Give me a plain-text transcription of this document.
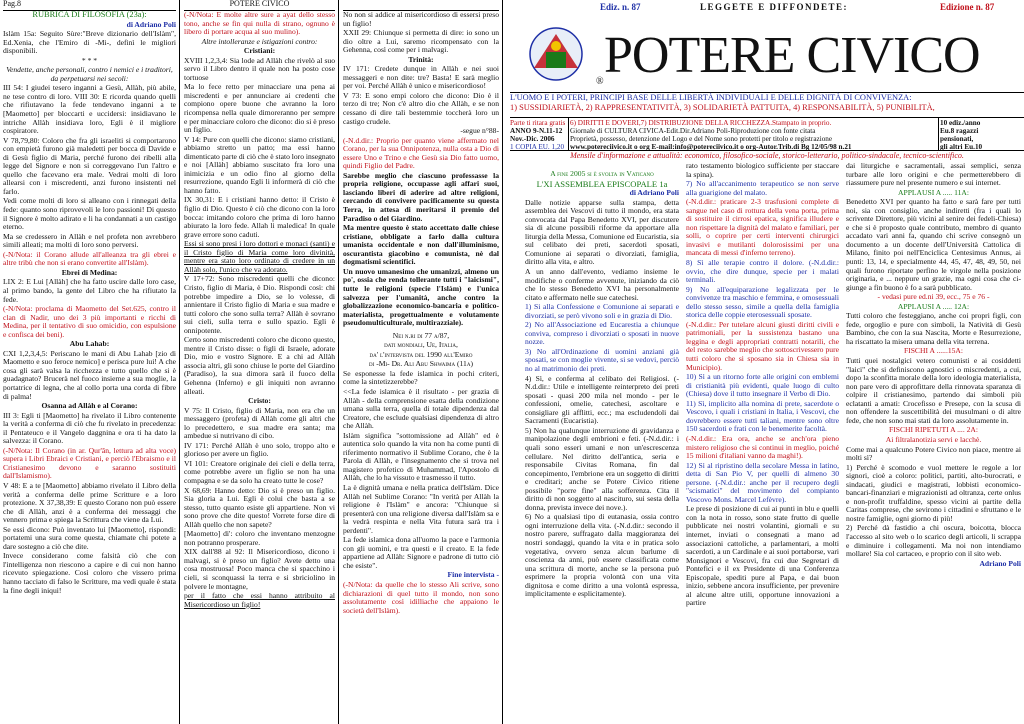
Pag.8

RUBRICA DI FILOSOFIA (23a):

di Adriano Poli

Islàm 15a: Seguito Sùre:"Breve dizionario dell'Islàm", Ed.Xenia, che l'Emiro di -Mi-, definì le migliori disponibili.

* * *

Vendette, anche personali, contro i nemici e i traditori, da perpetuarsi nei secoli:

III 54: I giudei tesero inganni a Gesù, Allàh, più abile, ne tese contro di loro. VIII 30: E ricorda quando quelli che rifiutavano la fede tendevano inganni a te [Maometto] per bloccarti e uccidersi: insidiavano le intriche Allàh insidiava loro, Egli è il migliore cospiratore.

V 78,79,80: Coloro che fra gli israeliti si comportarono con empietà furono già maledetti per bocca di Davide e di Gesù figlio di Maria, perché furono dei ribelli alla legge del Signore e non si correggevano l'un l'altro e quello che facevano era male. Vedrai molti di loro allearsi con i miscredenti, anzi furono insistenti nel farlo.

Vedi come molti di loro si alleano con i rinnegati della fede: quanto sono riprovevoli le loro passioni! Di questo il Signore è molto adirato e li ha condannati a un castigo eterno.

Ma se credessero in Allàh e nel profeta non avrebbero simili alleati; ma molti di loro sono perversi.

(-N/Nota: il Corano allude all'alleanza tra gli ebrei e altre tribù che non si erano convertite all'Islàm).

Ebrei di Medina:

LIX 2: E Lui [Allàh] che ha fatto uscire dalle loro case, al primo bando, la gente del Libro che ha rifiutato la fede.

(-N/Nota: proclama di Maometto del Set.625, contro il clan di Nadir, uno dei 3 più importanti e ricchi di Medina, per il tentativo di suo omicidio, con espulsione e confisca dei beni).

Abu Lahab:

CXI 1,2,3,4,5: Periscano le mani di Abu Lahab [zio di Maometto e suo feroce nemico] e perisca pure lui! A che cosa gli sarà valsa la ricchezza e tutto quello che si è guadagnato? Brucerà nel fuoco insieme a sua moglie, la portatrice di legna, che al collo porta una corda di fibre di palma!

Osanna ad Allàh e al Corano:

III 3: Egli ti [Maometto] ha rivelato il Libro contenente la verità a conferma di ciò che fu rivelato in precedenza: il Pentateuco e il Vangelo daggnina e ora ti ha dato la salvezza: il Corano.

(-N/Nota: Il Corano (in ar. Qur'ân, lettura ad alta voce) supera i Libri Ebraici e Cristiani, e perciò l'Ebraismo e il Cristianesimo devono e saranno sostituiti dall'Islamismo).

V 48: E a te [Maometto] abbiamo rivelato il Libro della verità a conferma delle prime Scritture e a loro protezione. X 37,38,39: E questo Corano non può essere che di Allàh, anzi è a conferma dei messaggi che vennero prima e spiega la Scrittura che viene da Lui.

Se essi dicono: Può inventato lui [Maometto], rispondi: portatemi una sura come questa, chiamate chi potete a dare sostegno a ciò che dite.

Invece considerano come falsità ciò che con l'intelligenza non riescono a capire e di cui non hanno ricevuto spiegazione. Così coloro che vissero prima hanno tacciato di falso le Scritture, ma vedi quale è stata la fine degli iniqui!

POTERE CIVICO

(-N/Nota: E molte altre sure a ayat dello stesso tono, anche se fin qui nulla di strano, ognuno è libero di portare acqua al suo mulino).

Altre intolleranze e istigazioni contro:

Cristiani:

XVIII 1,2,3,4: Sia lode ad Allàh che rivelò al suo servo il Libro dentro il quale non ha posto cose tortuose

Ma lo fece retto per minacciare una pena ai miscredenti e per annunciare ai credenti che compiono opere buone che avranno la loro ricompensa nella quale dimoreranno per sempre e per minacciare coloro che dicono: dio si è preso un figlio.

V 14: Pure con quelli che dicono: siamo cristiani, abbiamo stretto un patto; ma essi hanno dimenticato parte di ciò che è stato loro insegnato e noi [Allàh] abbiamo suscitato fra loro una inimicizia e un odio fino al giorno della resurrezione, quando Egli li informerà di ciò che hanno fatto.

IX 30,31: E i cristiani hanno detto: il Cristo è figlio di Dio. Questo è ciò che dicono con la loro bocca: imitando coloro che prima di loro hanno abiurato la loro fede. Allah li maledica! In quale grave errore sono caduti.

Essi si sono presi i loro dottori e monaci (santi) e il Cristo figlio di Maria come loro divinità, mentre era stato loro ordinato di credere in un Allàh solo, l'unico che va adorato.

V 17+72: Sono miscredenti quelli che dicono: Cristo, figlio di Maria, è Dio. Rispondi così: chi potrebbe impedire a Dio, se lo volesse, di annientare il Cristo figlio di Maria e sua madre e tutti coloro che sono sulla terra? Allàh è sovrano sui cieli, sulla terra e sullo spazio. Egli è onnipotente.

Certo sono miscredenti coloro che dicono questo, mentre il Cristo disse: o figli di Israele, adorate Dio, mio e vostro Signore. E a chi ad Allàh associa altri, gli sono chiuse le porte del Giardino (Paradiso), la sua dimora sarà il fuoco della Gehenna (Inferno) e gli iniquiti non avranno alleati.

Cristo:

V 75: Il Cristo, figlio di Maria, non era che un messaggero (profeta) di Allàh come gli altri che lo precedettero, e sua madre era santa; ma ambedue si nutrivano di cibo.

IV 171: Perché Allàh è uno solo, troppo alto e glorioso per avere un figlio.

VI 101: Creatore originale dei cieli e della terra, come potrebbe avere un figlio se non ha una compagna e se da solo ha creato tutte le cose?

X 68,69: Hanno detto: Dio si è preso un figlio. Sia gloria a Lui. Egli è colui che basta a se stesso, tutto quanto esiste gli appartiene. Non vi sono prove che dite questo! Vorrete forse dire di Allàh quello che non sapete?

[Maometto] di': coloro che inventano menzogne non potranno prosperare.

XIX dall'88 al 92: Il Misericordioso, dicono i malvagi, si è preso un figlio? Avete detto una cosa mostruosa! Poco manca che si spacchino i cieli, si sconquassi la terra e si sbriciolino in polvere le montagne,

per il fatto che essi hanno attribuito al Misericordioso un figlio!

No non si addice al misericordioso di essersi preso un figlio!

XXII 29: Chiunque si permetta di dire: io sono un dio oltre a Lui, saremo ricompensato con la Gehenna, così come per i malvagi.

Trinità:

IV 171: Credete dunque in Allàh e nei suoi messaggeri e non dite: tre? Basta! E sarà meglio per voi. Perché Allàh è unico e misericordioso!

V 73: E sono empi coloro che dicono: Dio è il terzo di tre; Non c'è altro dio che Allàh, e se non cessano di dire tali bestemmie toccherà loro un castigo crudele.

-segue n°88-

(-N.d.dir.: Proprio per quanto viene affermato nel Corano, per la sua Onnipotenza, nulla osta a Dio di essere Uno e Trino e che Gesù sia Dio fatto uomo, quindi Figlio del Padre.

Sarebbe meglio che ciascuno professasse la propria religione, occupasse agli affari suoi, lasciando liberi di aderire ad altre religioni, cercando di convivere pacificamente su questa Terra, in attesa di meritarsi il premio del Paradiso o del Giardino.

Ma mentre questo è stato accettato dalle chiese cristiane, obbligate a farlo dalla cultura umanista occidentale e non dall'illuminismo, oscurantista giacobino e comunista, nè dal dogmatismi scientifici.

Un nuovo umanesimo che umanizzi, almeno un po', ossia che renda tollerante tutti i "laicismi", tutte le religioni (specie l'Islàm) e l'unica salvezza per l'umanità, anche contro la globalizzazione economico-bancaria e politico-materialista, progettualmente e volutamente pseudomulticulturale, multirazziale).

Nei n.ri di 77 a/87,

dati mondiali, Ue, Italia,

da' l'intervista del 1990 all'Emiro

di -Mi- Dr. Ali Abu Shwaima (11a)

Se esponesse la fede islamica in pochi criteri, come la sintetizzerebbe?

<<La fede islamica è il risultato - per grazia di Allàh - della comprensione esatta della condizione umana sulla terra, quella di totale dipendenza dal Creatore, che esclude qualsiasi dipendenza di altro che Allàh.

Islàm significa "sottomissione ad Allàh" ed è autentica solo quando la vita non ha come punti di riferimento normativo il Sublime Corano, che è la Parola di Allàh, e l'insegnamento che si trova nel magistero profetico di Muhammad, l'Apostolo di Allàh, che lo ha vissuto e trasmesso il tutto.

La è dignità umana e nella pratica dell'Islàm. Dice Allàh nel Sublime Corano: "In verità per Allàh la religione è l'Islàm" e ancora: "Chiunque si presenterà con una religione diversa dall'Islàm sa e la vedrà respinta e nella Vita futura sarà tra i perdenti".

La fede islamica dona all'uomo la pace e l'armonia con gli uomini, e tra questi e il creato. E la fede appartiene ad Allàh: Signore e padrone di tutto ciò che esiste".

Fine intervista -

(-N/Nota: da quelle che lo stesso Ali scrive, sono dichiarazioni di quel tutto il mondo, non sono assolutamente così idilliache che appaiono le società dell'Islàm).

Ediz. n. 87	LEGGETE E DIFFONDETE:	Edizione n. 87
® POTERE CIVICO
L'UOMO E I POTERI, PRINCIPI BASE DELLE LIBERTÀ INDIVIDUALI E DELLE DIGNITÀ DI CONVIVENZA:
1) SUSSIDIARIETÀ, 2) RAPPRESENTATIVITÀ, 3) SOLIDARIETÀ PATTUITA, 4) RESPONSABILITÀ, 5) PUNIBILITÀ,
Parte ti ritara gratis
ANNO 9-N.11-12
Nov.-Dic. 2006
1 COPIA EU. 1,20
6) DIRITTI E DOVERI,7) DISTRIBUZIONE DELLA RICCHEZZA.Stampato in proprio.
Giornale di CULTURA CIVICA-Edit.Dir.Adriano Poli-Riproduzione con fonte citata
Proprietà, possesso, detenzione del Logo e del Nome sono protetti per titolo e registrazione
www.potereciivico.it o org E-mail:info@potereciivico.it o org-Autor.Trib.di Bg 12/05/98 n.21
10 ediz./anno
Eu.8 ragazzi
pensionati,
gli altri Eu.10
Mensile d'informazione e attualità: economico, filosofico-sociale, storico-letterario, politico-sindacale, tecnico-scientifico.

A fine 2005 si è svolta in Vaticano

L'XI ASSEMBLEA EPISCOPALE 1a

di Adriano Poli

Dalle notizie apparse sulla stampa, detta assemblea dei Vescovi di tutto il mondo, era stata convocata dal Papa Benedetto XVI, per discutere sia di alcune possibili riforme da apportare alla liturgia della Messa, Comunione ed Eucaristia, sia sul celibato dei preti, sacerdoti sposati, Comunione ai separati o divorziati, famiglia, diritto alla vita, e altro.

A un anno dall'evento, vediamo insieme le modifiche o conferme avvenute, iniziando da ciò che lo stesso Benedetto XVI ha personalmente citato e affermato nelle sue catechesi.

1) Si alla Confessione e Comunione ai separati e divorziati, se però vivono soli e in grazia di Dio.

2) No all'Associazione ed Eucarestia a chiunque convivа, compreso i divorziati o sposati in nuove nozze.

3) No all'Ordinazione di uomini anziani già sposati, se con moglie vivente, si se vedovi, perciò no al matrimonio dei preti.

4) Sì, e conferma al celibato dei Religiosi. (-N.d.dir.: Utile e intelligente reinterpreto dei preti sposati - quasi 200 mila nel mondo - per le confessioni, omelie, catechesi, ascoltare e consigliare gli afflitti, ecc.; ma escludendoli dai Sacramenti (Eucaristia).

5) Non ha qualunque interruzione di gravidanza e manipolazione degli embrioni e feti. (-N.d.dir.: i quali sono esseri umani e non un'escrescenza cellulare. Nel diritto dell'antica, seria e responsabile Civitas Romana, fin dal concepimento, l'embrione era un soggetto di diritti e creditari; anche se Potere Civico ritiene possibile "porre fine" alla sofferenza. Cita il diritto di non soggetto al nascituro, sui sesta della donna, prevista invece dei nove.).

6) No a qualsiasi tipo di eutanasia, ossia contro ogni interruzione della vita. (-N.d.dir.: secondo il nostro parere, suffragato dalla maggioranza dei nostri sondaggi, quando la vita e in pratica solo vegetativa, ovvero senza alcun barlume di coscienza da anni, può essere classificata come una scrittura di morte, anche se la persona può esprimere la propria volontà con una vita dignitosa e come diritto a una volontà espressa, implicitamente e esplicitamente).

rato testamento biologico sufficiente per staccare la spina).

7) No all'accanimento terapeutico se non serve alla guarigione del malato.

(-N.d.dir.: praticare 2-3 trasfusioni complete di sangue nel caso di rottura della vena porta, prima di sostituire il cirrosi epatica, significa illudere e non rispettare la dignità del malato e familiari, per solli, o coprire per certi interventi chirurgici invasivi e mutilanti dolorosissimi per una mancata di messi d'inferno terreno).

8) Sì alle terapie contro il dolore. (-N.d.dir.: ovvio, che dire dunque, specie per i malati terminali.

9) No all'equiparazione legalizzata per le convivenze tra maschio e femmina, e omosessuali dello stesso sesso, simile a quella della famiglia storica delle coppie eterosessuali sposate.

(-N.d.dir.: Per tutelare alcuni giusti diritti civili e patrimoniali, per la sussistenza bastano una leggina e degli appropriati contratti notarili, che del resto sarebbe meglio che sottoscrivessero pure tutti coloro che si sposano sia in Chiesa sia in Municipio).

10) Sì a un ritorno forte alle origini con emblemi di cristianità più evidenti, quale luogo di culto (Chiesa) dove il tutto insegnare il Verbo di Dio.

11) Sì, implicito alla nomina di prete, sacerdote o Vescovo, i quali i cristiani in Italia, i Vescovi, che dovrebbero essere tutti taliani, mentre sono oltre 150 sacerdoti e frati con le benemerite facoltà.

(-N.d.dir.: Era ora, anche se anch'ora pieno mistero religioso che si continui in meglio, poiché 15 milioni d'italiani vanno da maghi!).

12) Sì al ripristino della secolare Messa in latino, detta di San Pio V, per quelli di almeno 30 persone. (-N.d.dir.: anche per il recupero degli "scismatici" del movimento del compianto Vescovo Mons. Marcel Lefèvre).

Le prese di posizione di cui ai punti in blu e quelli con la nota in rosso, sono state frutto di quelle pubblicate nei nostri volantini, giornali e su internet, inviati o consegnati a mano ad associazioni cattoliche, a parlamentari, a molti sacerdoti, a un Cardinale e ai suoi portaborse, vari Monsignori e Vescovi, fra cui due Segretari di Pontefici e il ex Presidente di una Conferenza Episcopale, spediti pure al Papa, e dai buon inizio, sebbene ancora insufficiente, per prevenire al alcune altre utili, opportune innovazioni a partire

dai liturgiche e sacramentali, assai semplici, senza turbare alle loro origini e che permetterebbero di riassumere pure nel presente numero e sui internet.

APPLAUSI A ..... 11A:

Benedetto XVI per quanto ha fatto e sarà fare per tutti noi, sia con consiglio, anche indiretti (fra i quali lo scrivente Direttore, più vicini al senire dei fedeli-Chiesa) e che si è proposto quale contributo, membro di quanto accadato vari anni fa, quando chi scrive consegnò un documento a un docente dell'Università Cattolica di Milano, finito poi nell'Enciclica Centesimus Annus, ai punti: 13, 14, e specialmente 44, 45, 47, 48, 49, 50, nei quali furono riportate perfino le virgole nella posizione originaria, e ... neppure un grazie, ma ogni cosa che ci-giunge a fin buono è fo a sarà pubblicato.

- vedasi pure ed.ni 39, ecc., 75 e 76 -

APPLAUSI A ..... 12A:

Tutti coloro che festeggiano, anche coi propri figli, con fede, orgoglio e pure con simboli, la Natività di Gesù Bambino, che con la sua Nascita, Morte e Resurrezione, ha riscattato la misera umana della vita terrena.

FISCHI A ......15A:

Tutti quei nostalgici vetero comunisti e ai cosiddetti "laici" che si definiscono agnostici o miscredenti, a cui, dopo la sconfitta morale della loro ideologia materialista, non pare vero di approfittare della rinnovata sparanza di colpire il cristianesimo, partendo dai simboli più eclatanti a amati: Crocefisso e Presepe, con la scusa di non offendere la suscettibilità dei musulmani o di altre fede, che non sono mai stati da loro assolutamente in.

FISCHI RIPETUTI A .... 2A:

Ai filtralanotizia servi e lacchè.

Come mai a qualcuno Potere Civico non piace, mentre ai molti sì?

1) Perché è scomodo e vuol mettere le regole a lor signori, cioè a coloro: politici, partiti, alto-burocrati, e sindacati, giudici e magistrati, lobbisti economico-bancari-finanziari e migrazionisti ad oltranza, certe onlus e non-profit truffaldine, spesso vicini ai partite della Caritas comprese, che sevirono i cittadini e sfruttano e le nostre famiglie, ogni giorno di più!

2) Perché dà fastidio a chi oscura, boicotta, blocca l'accesso al sito web o lo scarico degli articoli, li scrappa e diminuire i collegamenti. Ma noi non intendiamo mollare! Sia col cartaceo, e proprio con il sito web.

Adriano Poli
